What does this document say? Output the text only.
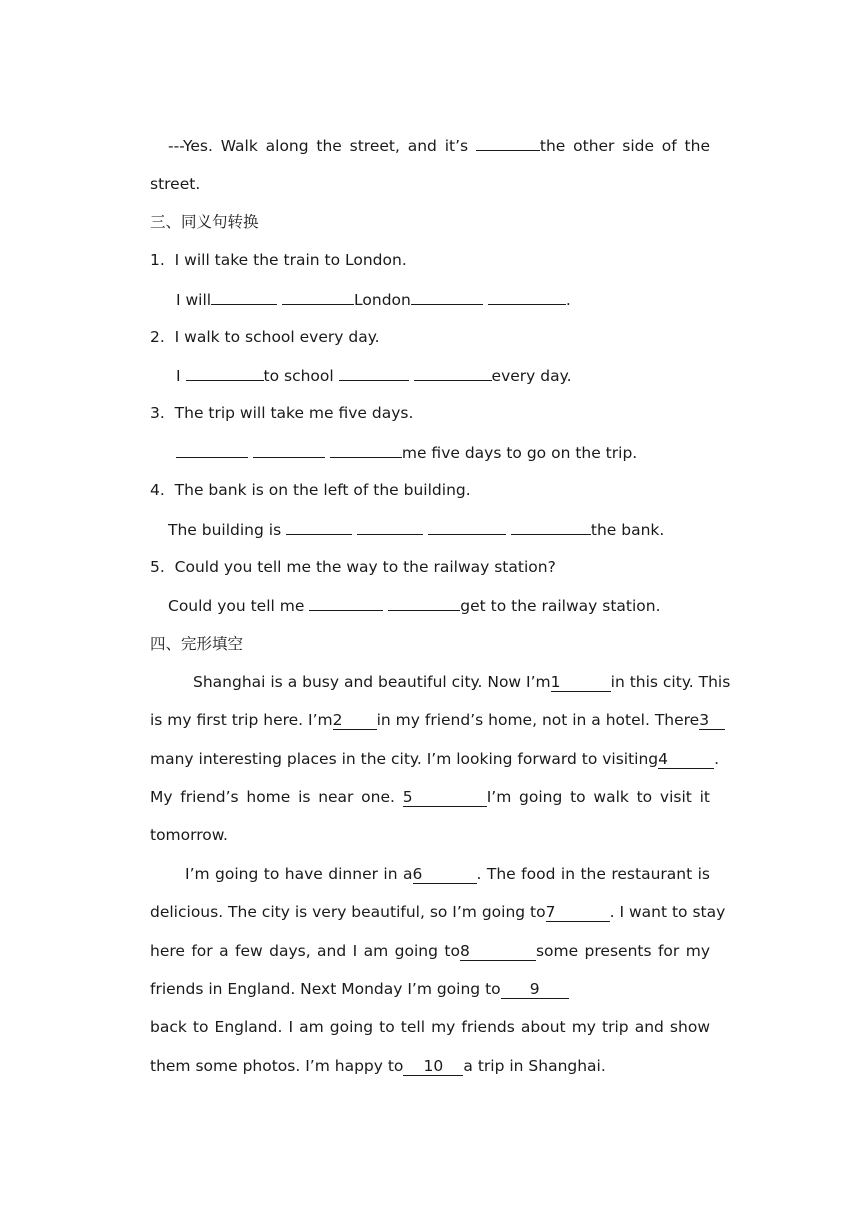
---Yes. Walk along the street, and it’s	the other side of the
street.
三、同义句转换
1. I will take the train to London.
I will	London	.
2. I walk to school every day.
I	to school	every day.
3. The trip will take me five days.
me five days to go on the trip.
4. The bank is on the left of the building.
The building is	the bank.
5. Could you tell me the way to the railway station?
Could you tell me	get to the railway station.
四、完形填空
Shanghai is a busy and beautiful city. Now I’m1	in this city. This
is my first trip here. I’m2 in my friend’s home, not in a hotel. There3
many interesting places in the city. I’m looking forward to visiting4	.
My friend’s home is near one. 5	I’m going to walk to visit it
tomorrow.
I’m going to have dinner in a6	. The food in the restaurant is
delicious. The city is very beautiful, so I’m going to7	. I want to stay
here for a few days, and I am going to8	some presents for my
friends in England. Next Monday I’m going to 9
back to England. I am going to tell my friends about my trip and show
them some photos. I’m happy to 10 a trip in Shanghai.
